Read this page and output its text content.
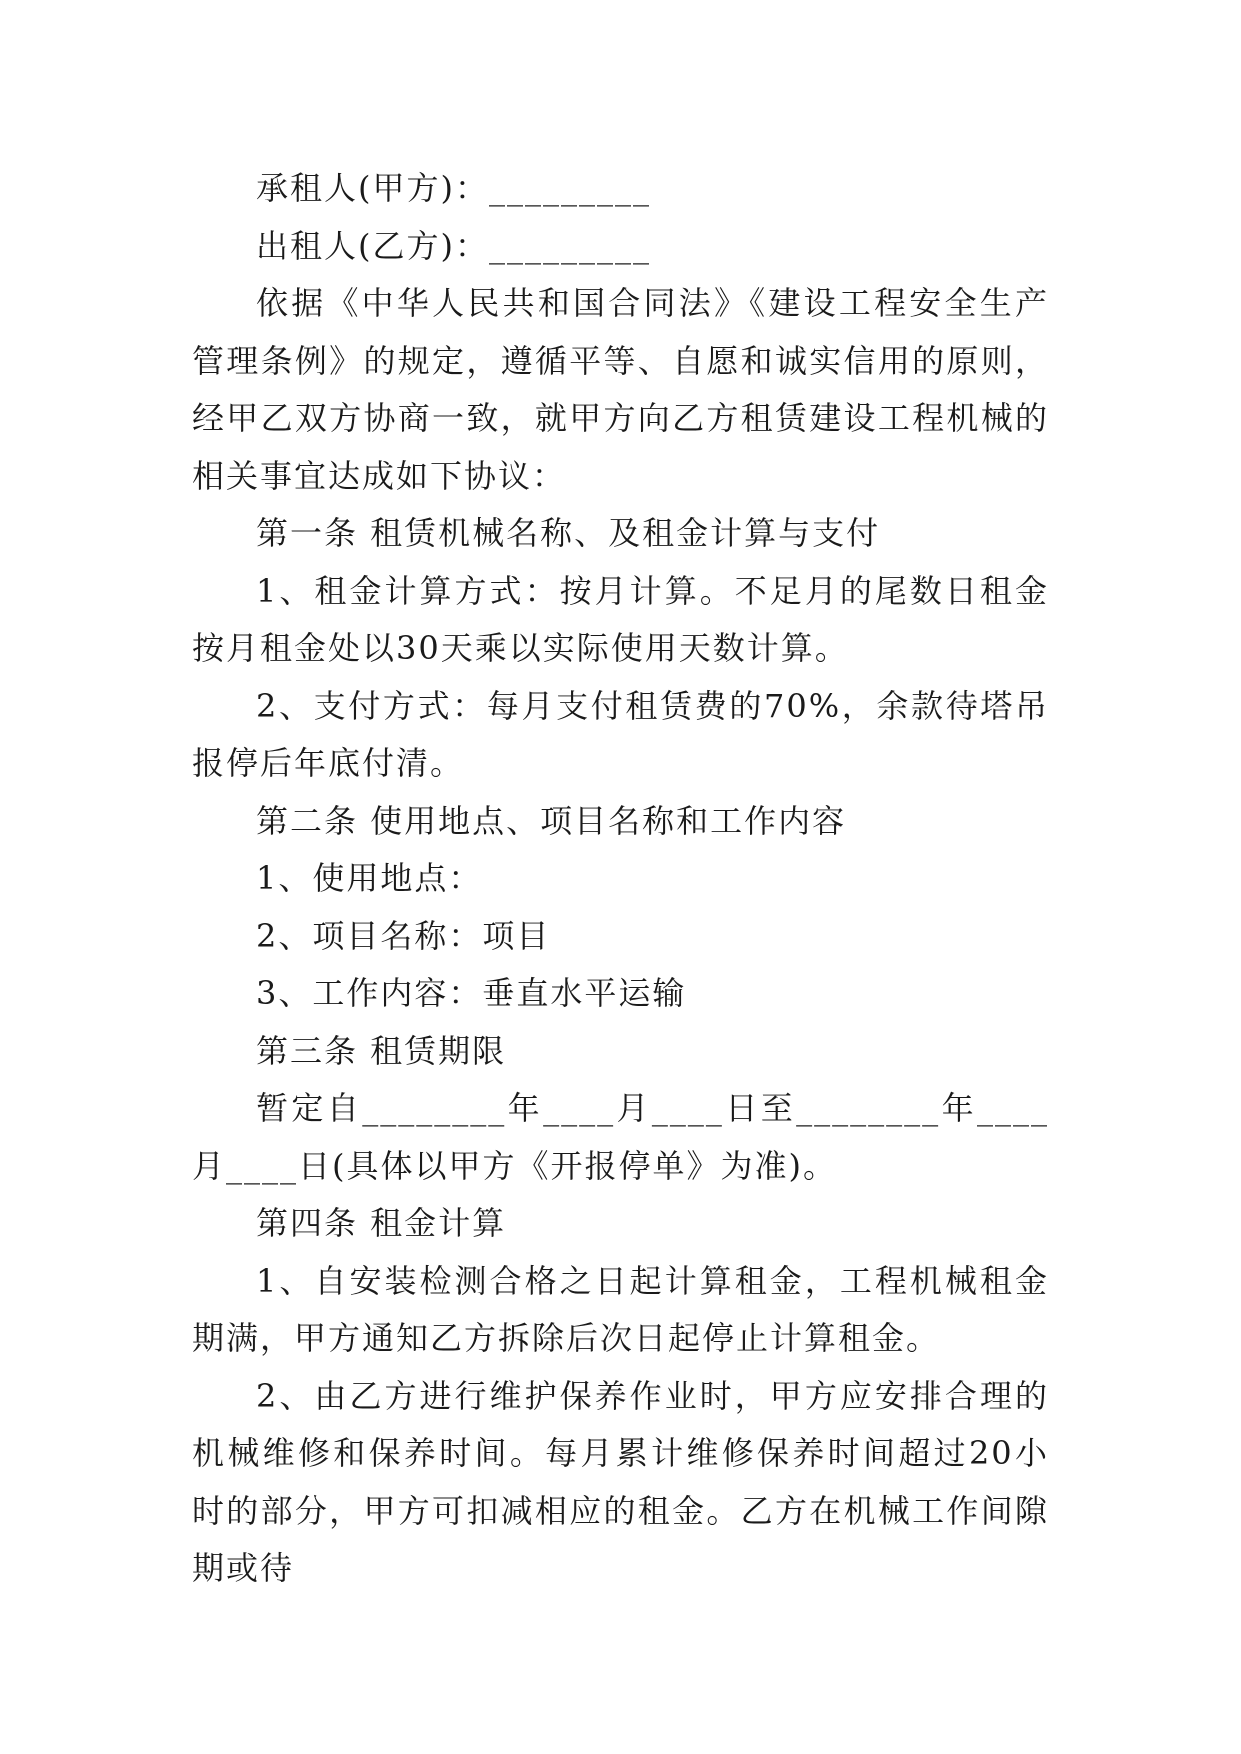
承租人(甲方)：_________

出租人(乙方)：_________

依据《中华人民共和国合同法》《建设工程安全生产管理条例》的规定，遵循平等、自愿和诚实信用的原则，经甲乙双方协商一致，就甲方向乙方租赁建设工程机械的相关事宜达成如下协议：

第一条 租赁机械名称、及租金计算与支付

1、租金计算方式：按月计算。不足月的尾数日租金按月租金处以30天乘以实际使用天数计算。

2、支付方式：每月支付租赁费的70%，余款待塔吊报停后年底付清。

第二条 使用地点、项目名称和工作内容

1、使用地点：

2、项目名称：项目

3、工作内容：垂直水平运输

第三条 租赁期限

暂定自________年____月____日至________年____月____日(具体以甲方《开报停单》为准)。

第四条 租金计算

1、自安装检测合格之日起计算租金，工程机械租金期满，甲方通知乙方拆除后次日起停止计算租金。

2、由乙方进行维护保养作业时，甲方应安排合理的机械维修和保养时间。每月累计维修保养时间超过20小时的部分，甲方可扣减相应的租金。乙方在机械工作间隙期或待
